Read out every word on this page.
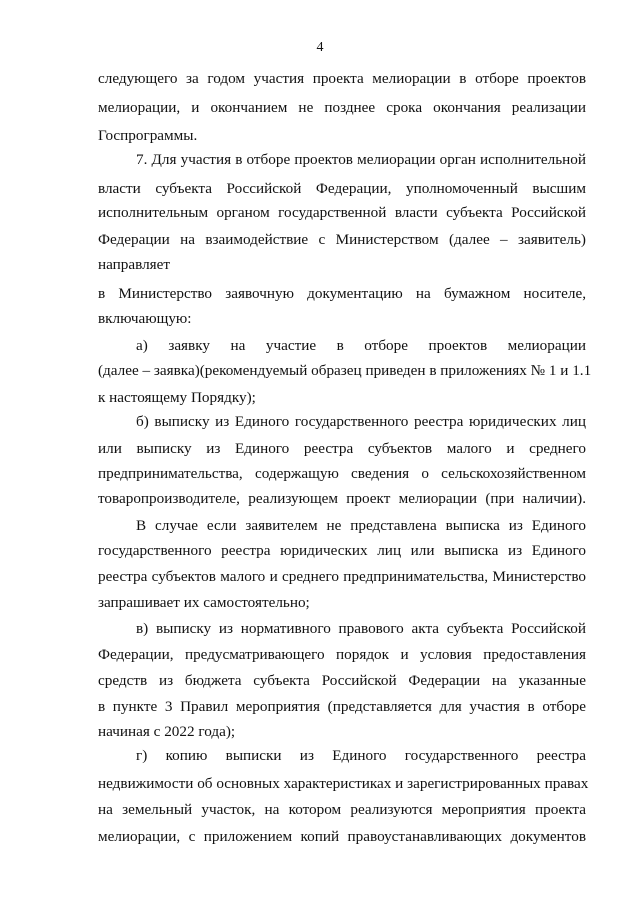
4
следующего за годом участия проекта мелиорации в отборе проектов
мелиорации, и окончанием не позднее срока окончания реализации
Госпрограммы.
7. Для участия в отборе проектов мелиорации орган исполнительной
власти субъекта Российской Федерации, уполномоченный высшим
исполнительным органом государственной власти субъекта Российской
Федерации на взаимодействие с Министерством (далее – заявитель)
направляет
в Министерство заявочную документацию на бумажном носителе,
включающую:
а) заявку на участие в отборе проектов мелиорации
(далее – заявка)(рекомендуемый образец приведен в приложениях № 1 и 1.1
к настоящему Порядку);
б) выписку из Единого государственного реестра юридических лиц
или выписку из Единого реестра субъектов малого и среднего
предпринимательства, содержащую сведения о сельскохозяйственном
товаропроизводителе, реализующем проект мелиорации (при наличии).
В случае если заявителем не представлена выписка из Единого
государственного реестра юридических лиц или выписка из Единого
реестра субъектов малого и среднего предпринимательства, Министерство
запрашивает их самостоятельно;
в) выписку из нормативного правового акта субъекта Российской
Федерации, предусматривающего порядок и условия предоставления
средств из бюджета субъекта Российской Федерации на указанные
в пункте 3 Правил мероприятия (представляется для участия в отборе
начиная с 2022 года);
г) копию выписки из Единого государственного реестра
недвижимости об основных характеристиках и зарегистрированных правах
на земельный участок, на котором реализуются мероприятия проекта
мелиорации, с приложением копий правоустанавливающих документов
